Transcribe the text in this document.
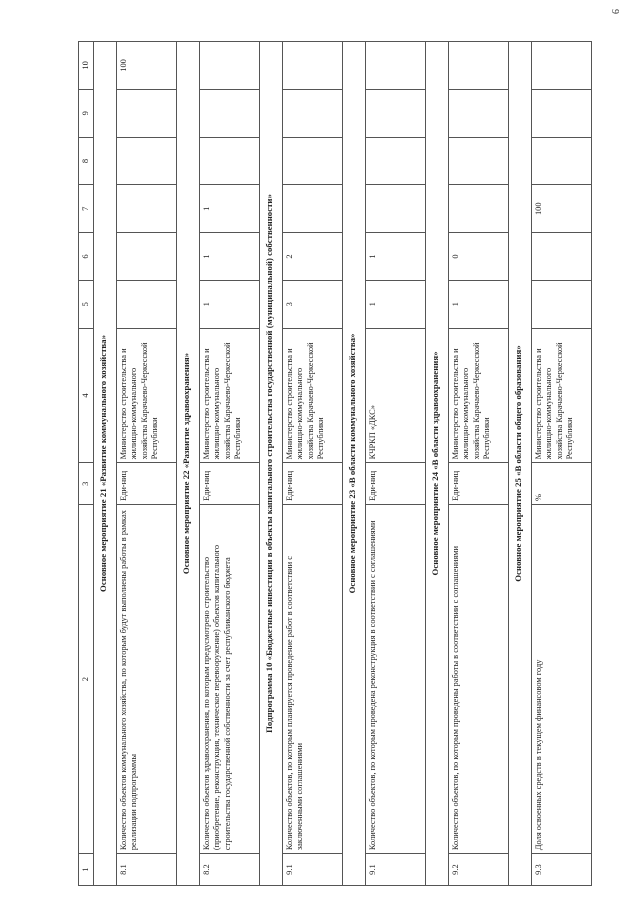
9
1	2	3	4	5	6	7	8	9	10
Основное мероприятие 21 «Развитие коммунального хозяйства»									
8.1	Количество объектов коммунального хозяйства, по которым будут выполнены работы в рамках реализации подпрограммы	Еди-ниц	Министерство строительства и жилищно-коммунального хозяйства Карачаево-Черкесской Республики						100
Основное мероприятие 22 «Развитие здравоохранения»									
8.2	Количество объектов здравоохранения, по которым предусмотрено строительство (приобретение, реконструкция, техническое перевооружение) объектов капитального строительства государственной собственности за счет республиканского бюджета	Еди-ниц	Министерство строительства и жилищно-коммунального хозяйства Карачаево-Черкесской Республики	1	1	1			
Подпрограмма 10 «Бюджетные инвестиции в объекты капитального строительства государственной (муниципальной) собственности»									
9.1	Количество объектов, по которым планируется проведение работ в соответствии с заключенными соглашениями	Еди-ниц	Министерство строительства и жилищно-коммунального хозяйства Карачаево-Черкесской Республики	3	2				
Основное мероприятие 23 «В области коммунального хозяйства»									
9.1	Количество объектов, по которым проведена реконструкция в соответствии с соглашениями	Еди-ниц	КЧРКП «ДКС»	1	1				
Основное мероприятие 24 «В области здравоохранения»									
9.2	Количество объектов, по которым проведены работы в соответствии с соглашениями	Еди-ниц	Министерство строительства и жилищно-коммунального хозяйства Карачаево-Черкесской Республики	1	0				
Основное мероприятие 25 «В области общего образования»									
9.3	Доля освоенных средств в текущем финансовом году	%	Министерство строительства и жилищно-коммунального хозяйства Карачаево-Черкесской Республики			100			
